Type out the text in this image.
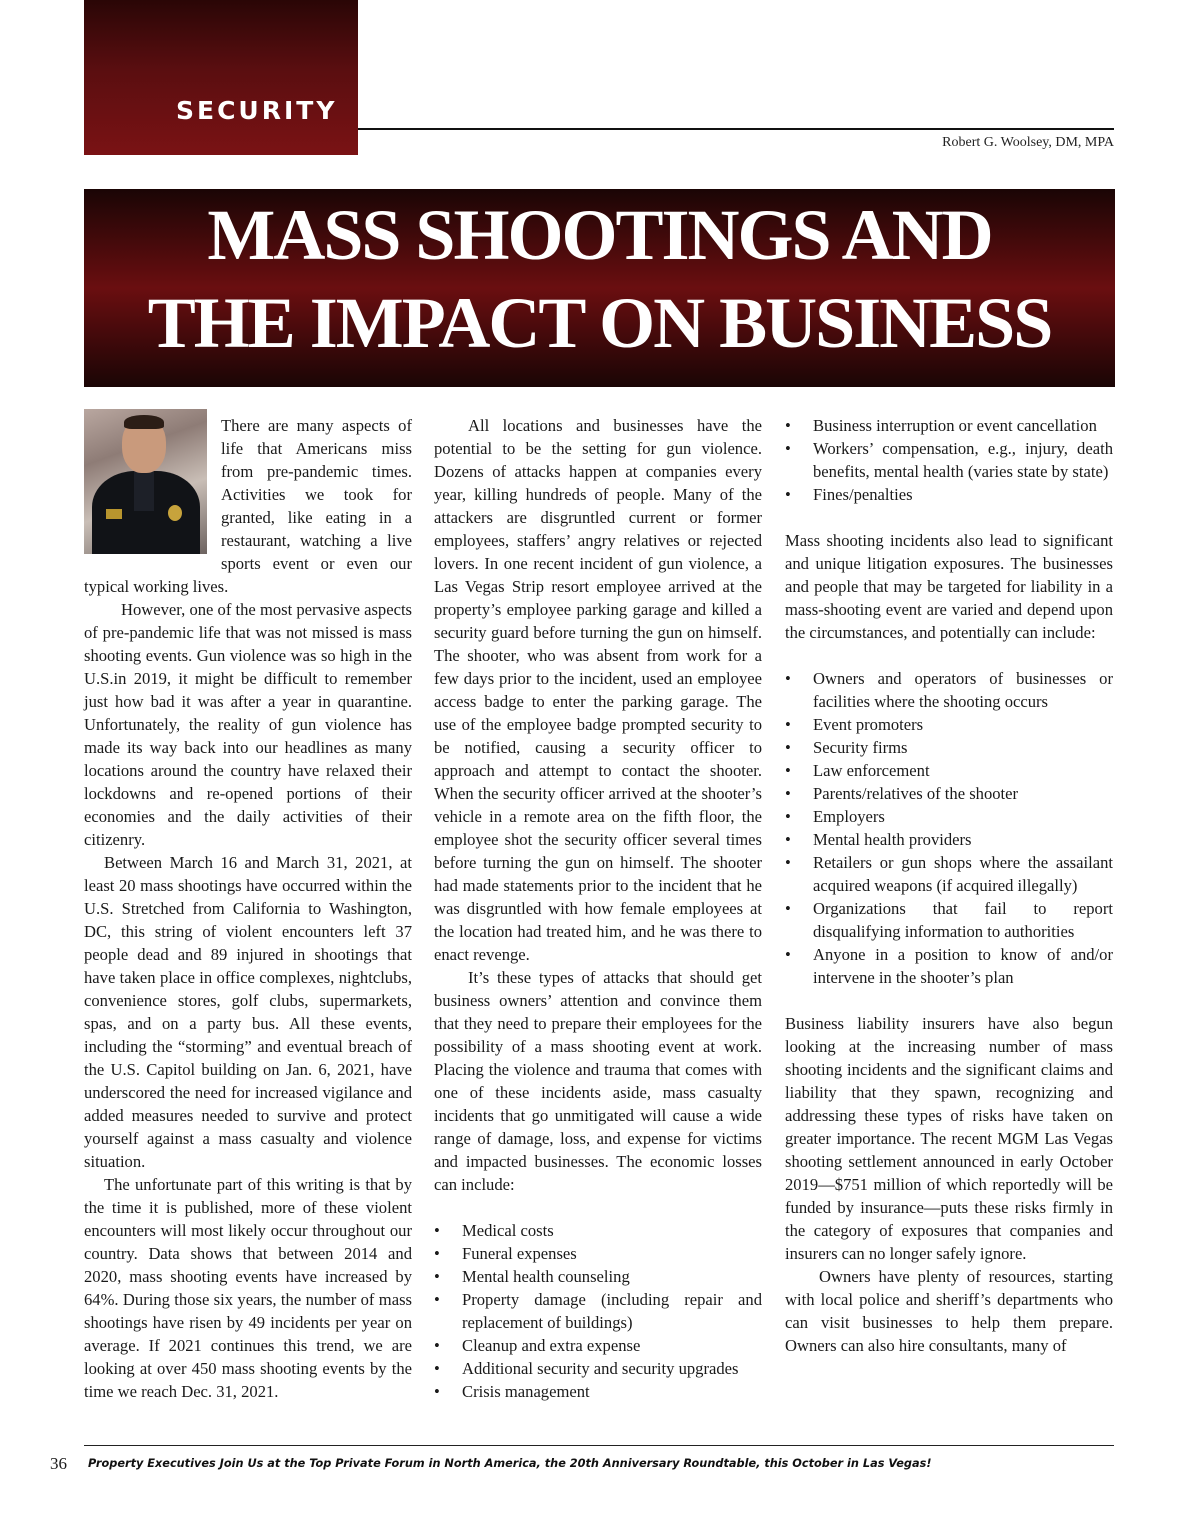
SECURITY
Robert G. Woolsey, DM, MPA
MASS SHOOTINGS AND
THE IMPACT ON BUSINESS

There are many aspects of life that Americans miss from pre-pandemic times. Activities we took for granted, like eating in a restaurant, watching a live sports event or even our typical working lives.

However, one of the most pervasive aspects of pre-pandemic life that was not missed is mass shooting events. Gun violence was so high in the U.S.in 2019, it might be difficult to remember just how bad it was after a year in quarantine. Unfortunately, the reality of gun violence has made its way back into our headlines as many locations around the country have relaxed their lockdowns and re-opened portions of their economies and the daily activities of their citizenry.

Between March 16 and March 31, 2021, at least 20 mass shootings have occurred within the U.S. Stretched from California to Washington, DC, this string of violent encounters left 37 people dead and 89 injured in shootings that have taken place in office complexes, nightclubs, convenience stores, golf clubs, supermarkets, spas, and on a party bus. All these events, including the “storming” and eventual breach of the U.S. Capitol building on Jan. 6, 2021, have underscored the need for increased vigilance and added measures needed to survive and protect yourself against a mass casualty and violence situation.

The unfortunate part of this writing is that by the time it is published, more of these violent encounters will most likely occur throughout our country. Data shows that between 2014 and 2020, mass shooting events have increased by 64%. During those six years, the number of mass shootings have risen by 49 incidents per year on average. If 2021 continues this trend, we are looking at over 450 mass shooting events by the time we reach Dec. 31, 2021.

All locations and businesses have the potential to be the setting for gun violence. Dozens of attacks happen at companies every year, killing hundreds of people. Many of the attackers are disgruntled current or former employees, staffers’ angry relatives or rejected lovers. In one recent incident of gun violence, a Las Vegas Strip resort employee arrived at the property’s employee parking garage and killed a security guard before turning the gun on himself. The shooter, who was absent from work for a few days prior to the incident, used an employee access badge to enter the parking garage. The use of the employee badge prompted security to be notified, causing a security officer to approach and attempt to contact the shooter. When the security officer arrived at the shooter’s vehicle in a remote area on the fifth floor, the employee shot the security officer several times before turning the gun on himself. The shooter had made statements prior to the incident that he was disgruntled with how female employees at the location had treated him, and he was there to enact revenge.

It’s these types of attacks that should get business owners’ attention and convince them that they need to prepare their employees for the possibility of a mass shooting event at work. Placing the violence and trauma that comes with one of these incidents aside, mass casualty incidents that go unmitigated will cause a wide range of damage, loss, and expense for victims and impacted businesses. The economic losses can include:

• Medical costs
• Funeral expenses
• Mental health counseling
• Property damage (including repair and replacement of buildings)
• Cleanup and extra expense
• Additional security and security upgrades
• Crisis management
• Business interruption or event cancellation
• Workers’ compensation, e.g., injury, death benefits, mental health (varies state by state)
• Fines/penalties

Mass shooting incidents also lead to significant and unique litigation exposures. The businesses and people that may be targeted for liability in a mass-shooting event are varied and depend upon the circumstances, and potentially can include:

• Owners and operators of businesses or facilities where the shooting occurs
• Event promoters
• Security firms
• Law enforcement
• Parents/relatives of the shooter
• Employers
• Mental health providers
• Retailers or gun shops where the assailant acquired weapons (if acquired illegally)
• Organizations that fail to report disqualifying information to authorities
• Anyone in a position to know of and/or intervene in the shooter’s plan

Business liability insurers have also begun looking at the increasing number of mass shooting incidents and the significant claims and liability that they spawn, recognizing and addressing these types of risks have taken on greater importance. The recent MGM Las Vegas shooting settlement announced in early October 2019—$751 million of which reportedly will be funded by insurance—puts these risks firmly in the category of exposures that companies and insurers can no longer safely ignore.

Owners have plenty of resources, starting with local police and sheriff’s departments who can visit businesses to help them prepare. Owners can also hire consultants, many of

36 Property Executives Join Us at the Top Private Forum in North America, the 20th Anniversary Roundtable, this October in Las Vegas!
